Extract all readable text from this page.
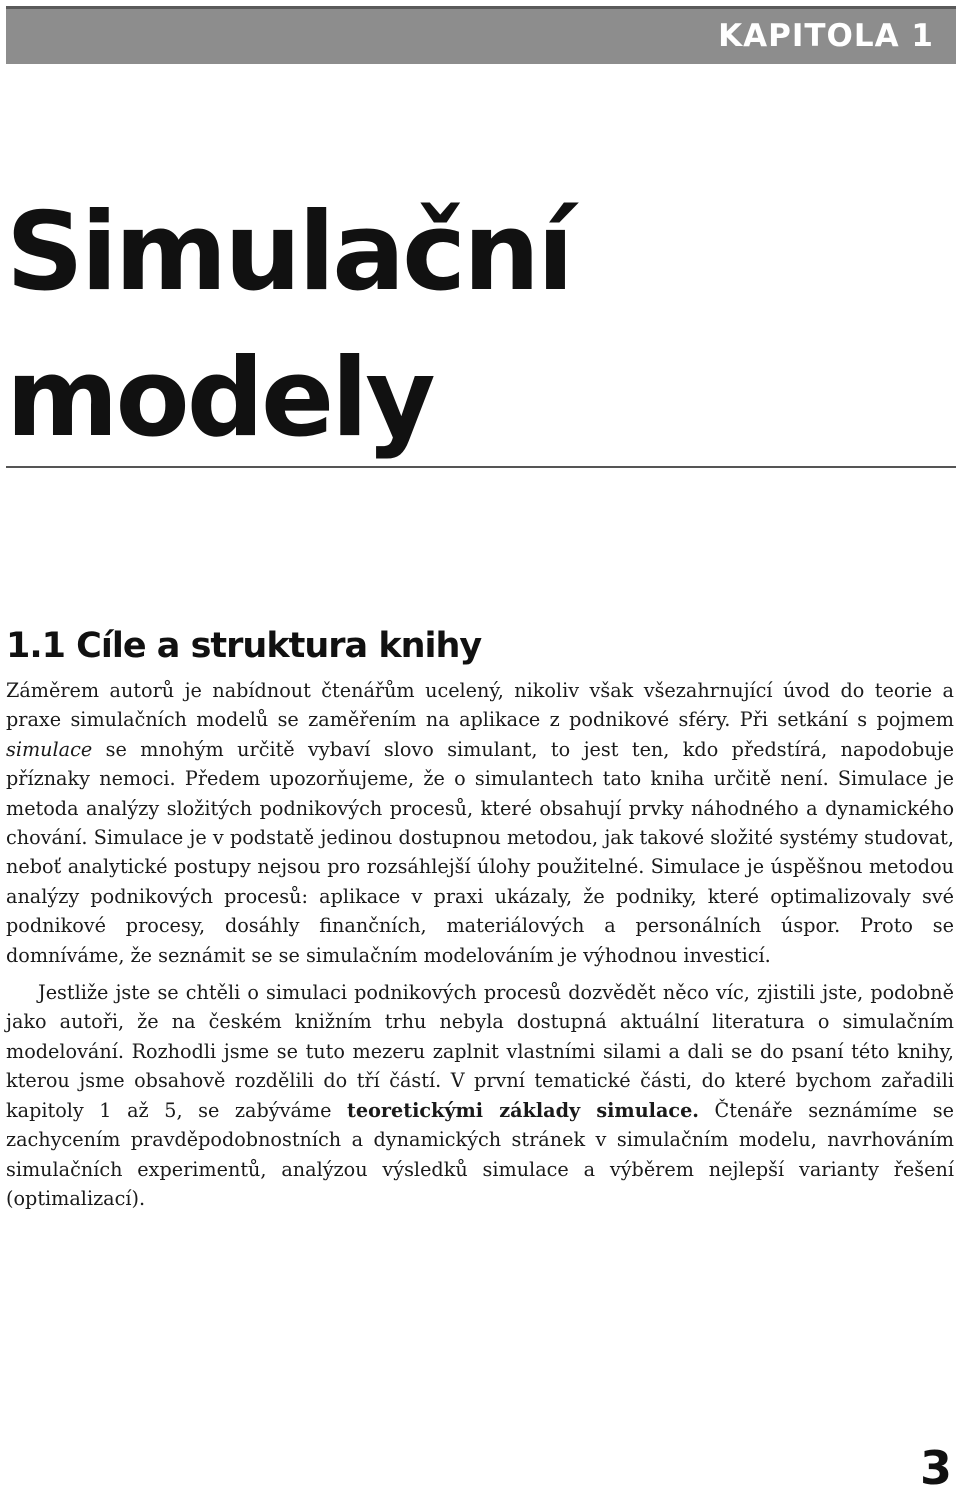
KAPITOLA 1
Simulační
modely
1.1 Cíle a struktura knihy

Záměrem autorů je nabídnout čtenářům ucelený, nikoliv však všezahrnující úvod do teorie a praxe simulačních modelů se zaměřením na aplikace z podnikové sféry. Při setkání s pojmem simulace se mnohým určitě vybaví slovo simulant, to jest ten, kdo předstírá, napodobuje příznaky nemoci. Předem upozorňujeme, že o simulantech tato kniha určitě není. Simulace je metoda analýzy složitých podnikových procesů, které obsahují prvky náhodného a dynamického chování. Simulace je v podstatě jedinou dostupnou metodou, jak takové složité systémy studovat, neboť analytické postupy nejsou pro rozsáhlejší úlohy použitelné. Simulace je úspěšnou metodou analýzy podnikových procesů: aplikace v praxi ukázaly, že podniky, které optimalizovaly své podnikové procesy, dosáhly finančních, materiálových a personálních úspor. Proto se domníváme, že seznámit se se simulačním modelováním je výhodnou investicí.

Jestliže jste se chtěli o simulaci podnikových procesů dozvědět něco víc, zjistili jste, podobně jako autoři, že na českém knižním trhu nebyla dostupná aktuální literatura o simulačním modelování. Rozhodli jsme se tuto mezeru zaplnit vlastními silami a dali se do psaní této knihy, kterou jsme obsahově rozdělili do tří částí. V první tematické části, do které bychom zařadili kapitoly 1 až 5, se zabýváme teoretickými základy simulace. Čtenáře seznámíme se zachycením pravděpodobnostních a dynamických stránek v simulačním modelu, navrhováním simulačních experimentů, analýzou výsledků simulace a výběrem nejlepší varianty řešení (optimalizací).

3
